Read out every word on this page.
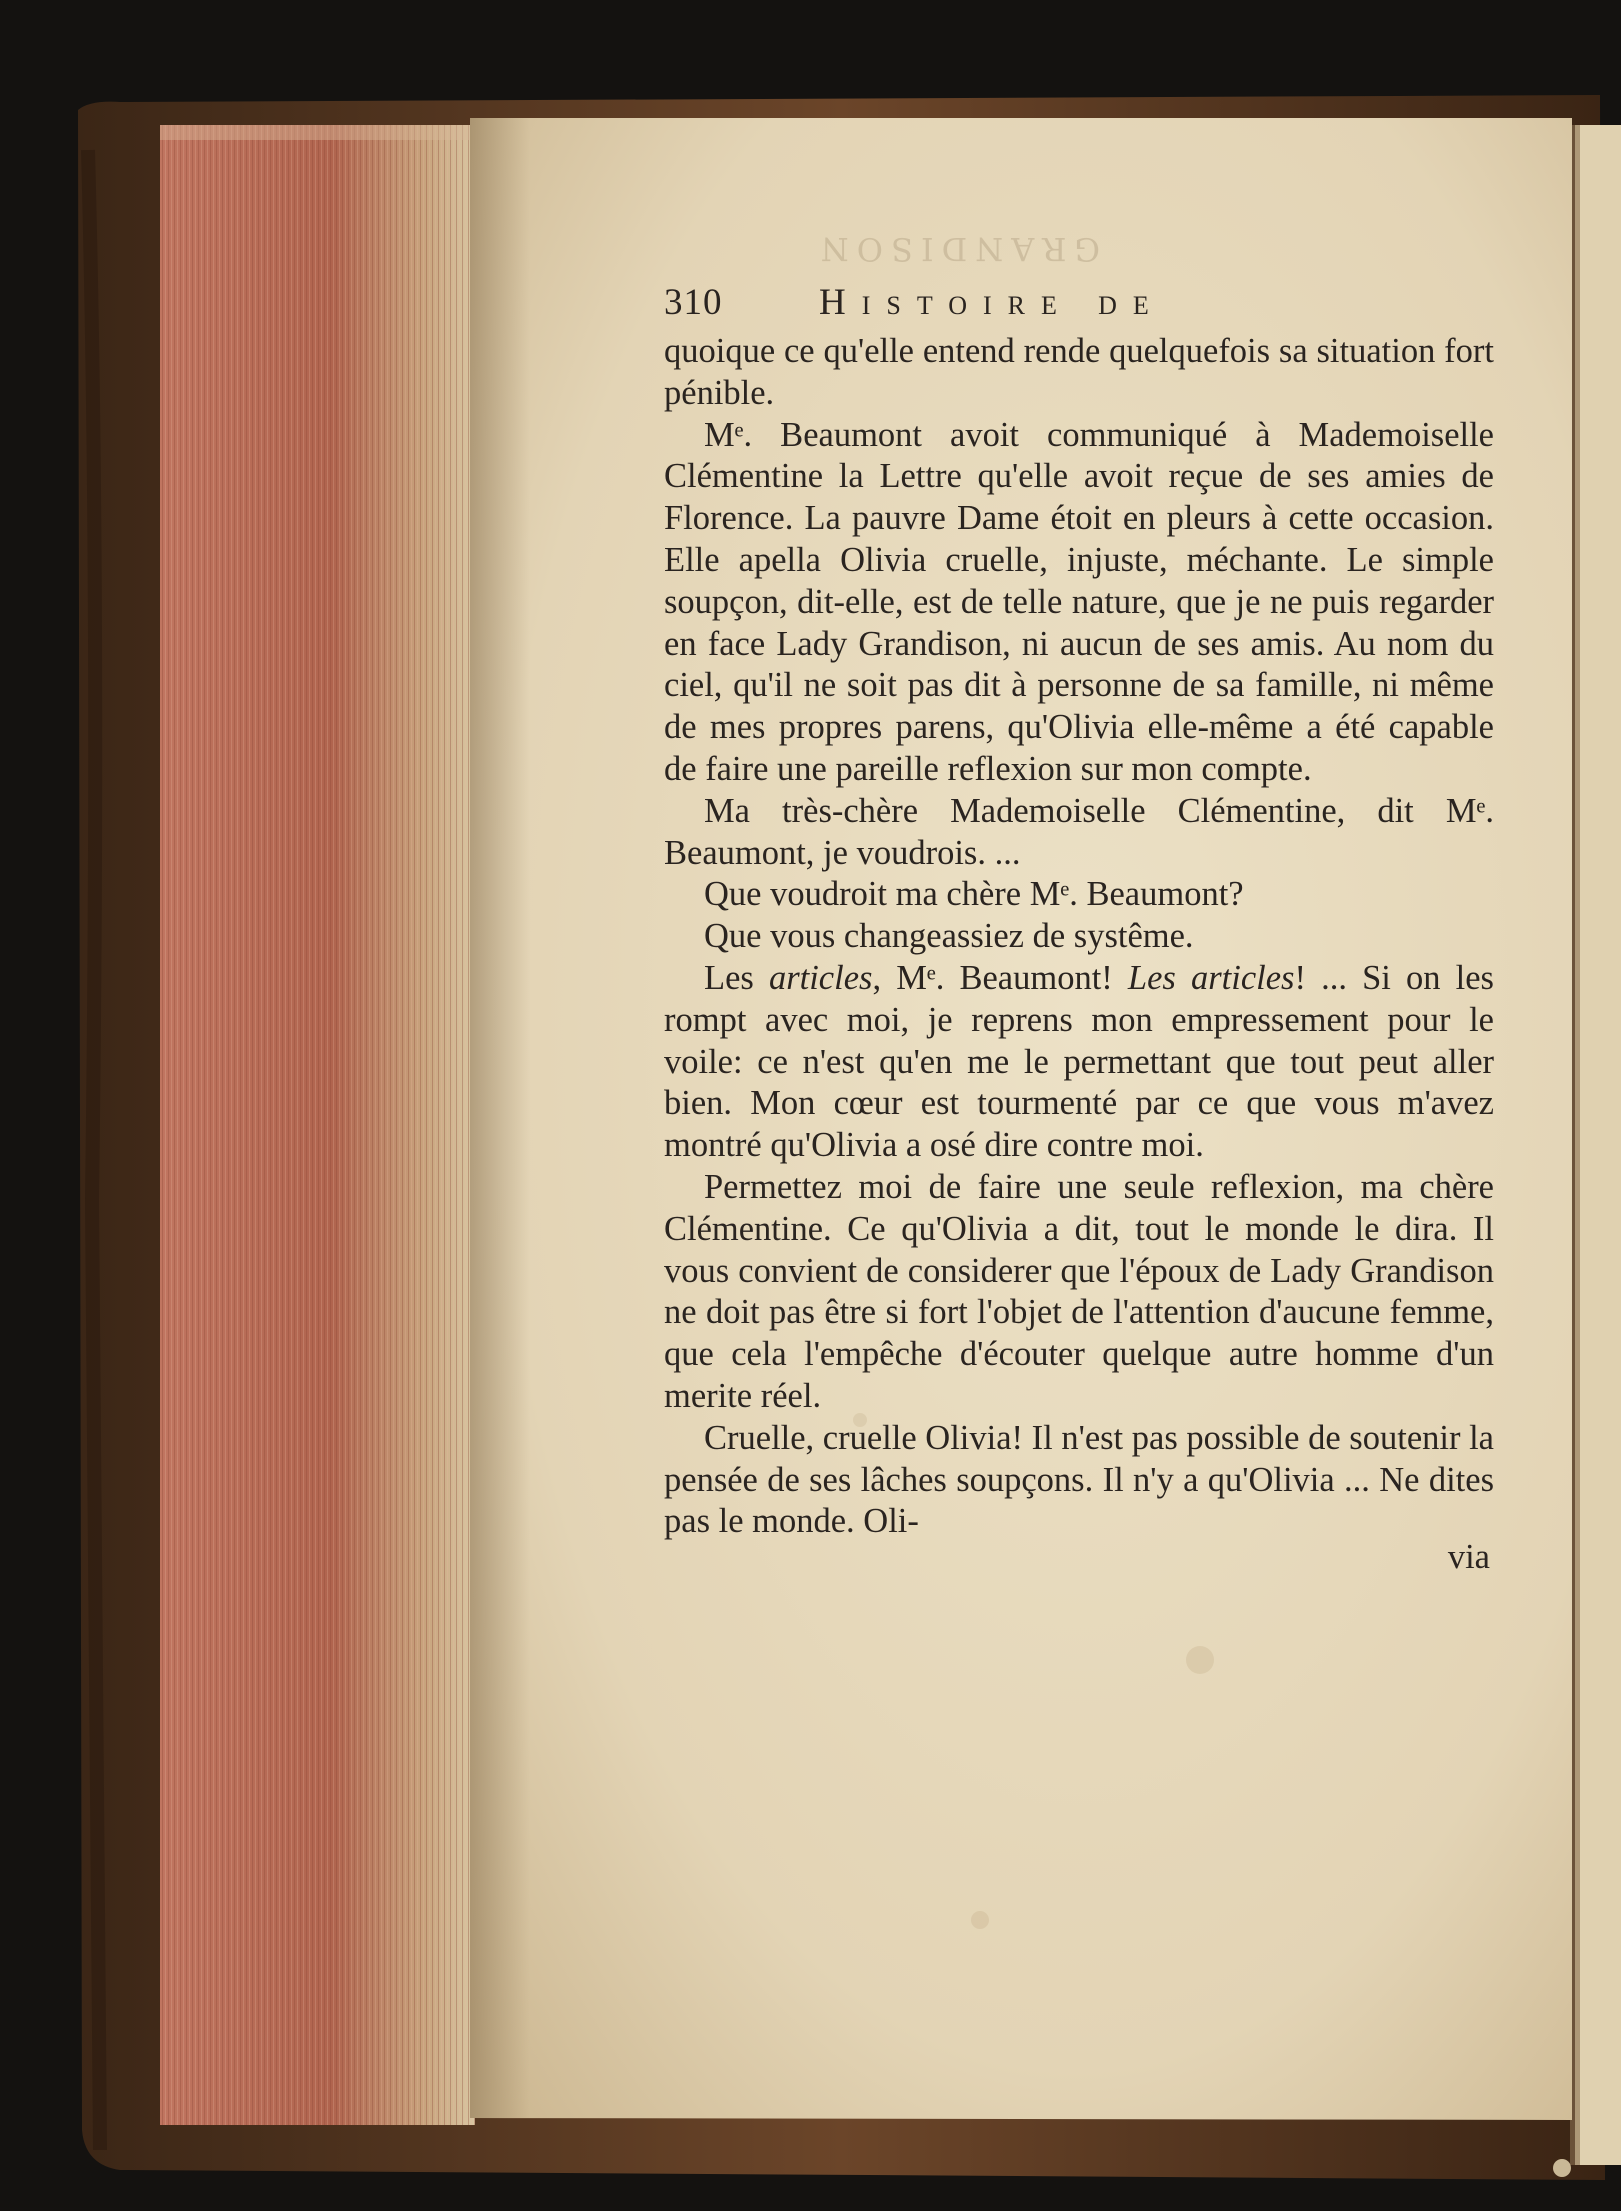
GRANDISON
310	Histoire de

quoique ce qu'elle entend rende quelquefois sa situation fort pénible.

Mᵉ. Beaumont avoit communiqué à Mademoiselle Clémentine la Lettre qu'elle avoit reçue de ses amies de Florence. La pauvre Dame étoit en pleurs à cette occasion. Elle apella Olivia cruelle, injuste, méchante. Le simple soupçon, dit-elle, est de telle nature, que je ne puis regarder en face Lady Grandison, ni aucun de ses amis. Au nom du ciel, qu'il ne soit pas dit à personne de sa famille, ni même de mes propres parens, qu'Olivia elle-même a été capable de faire une pareille reflexion sur mon compte.

Ma très-chère Mademoiselle Clémentine, dit Mᵉ. Beaumont, je voudrois. ...

Que voudroit ma chère Mᵉ. Beaumont?

Que vous changeassiez de systême.

Les articles, Mᵉ. Beaumont! Les articles! ... Si on les rompt avec moi, je reprens mon empressement pour le voile: ce n'est qu'en me le permettant que tout peut aller bien. Mon cœur est tourmenté par ce que vous m'avez montré qu'Olivia a osé dire contre moi.

Permettez moi de faire une seule reflexion, ma chère Clémentine. Ce qu'Olivia a dit, tout le monde le dira. Il vous convient de considerer que l'époux de Lady Grandison ne doit pas être si fort l'objet de l'attention d'aucune femme, que cela l'empêche d'écouter quelque autre homme d'un merite réel.

Cruelle, cruelle Olivia! Il n'est pas possible de soutenir la pensée de ses lâches soupçons. Il n'y a qu'Olivia ... Ne dites pas le monde. Oli-

via
